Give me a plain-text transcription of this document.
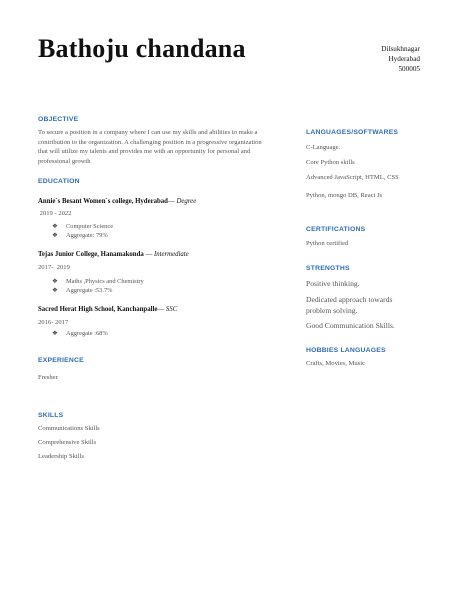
Bathoju chandana	Dilsukhnagar
Hyderabad
500005
OBJECTIVE
To secure a position in a company where I can use my skills and abilities to make a
contribution to the organization. A challenging position in a progressive organization
that will utilize my talents and provides me with an opportunity for personal and
professional growth
EDUCATION
Annie`s Besant Women`s college, Hyderabad— Degree
2019 - 2022
❖ Computer Science
❖ Aggregate: 79%
Tejas Junior College, Hanamakonda — Intermediate
2017-  2019
❖ Maths ,Physics and Chemistry
❖ Aggregate :53.7%
Sacred Herat High School, Kanchanpalle— SSC
2016- 2017
❖ Aggregate :68%
EXPERIENCE
Fresher
SKILLS
Communications Skills
Comprehensive Skills
Leadership Skills
LANGUAGES/SOFTWARES
C-Language.
Core Python skills
Advanced JavaScript, HTML, CSS
Python, mongo DB, React Js
CERTIFICATIONS
Python certified
STRENGTHS
Positive thinking.
Dedicated approach towards problem solving.
Good Communication Skills.
HOBBIES LANGUAGES
Crafts, Movies, Music
